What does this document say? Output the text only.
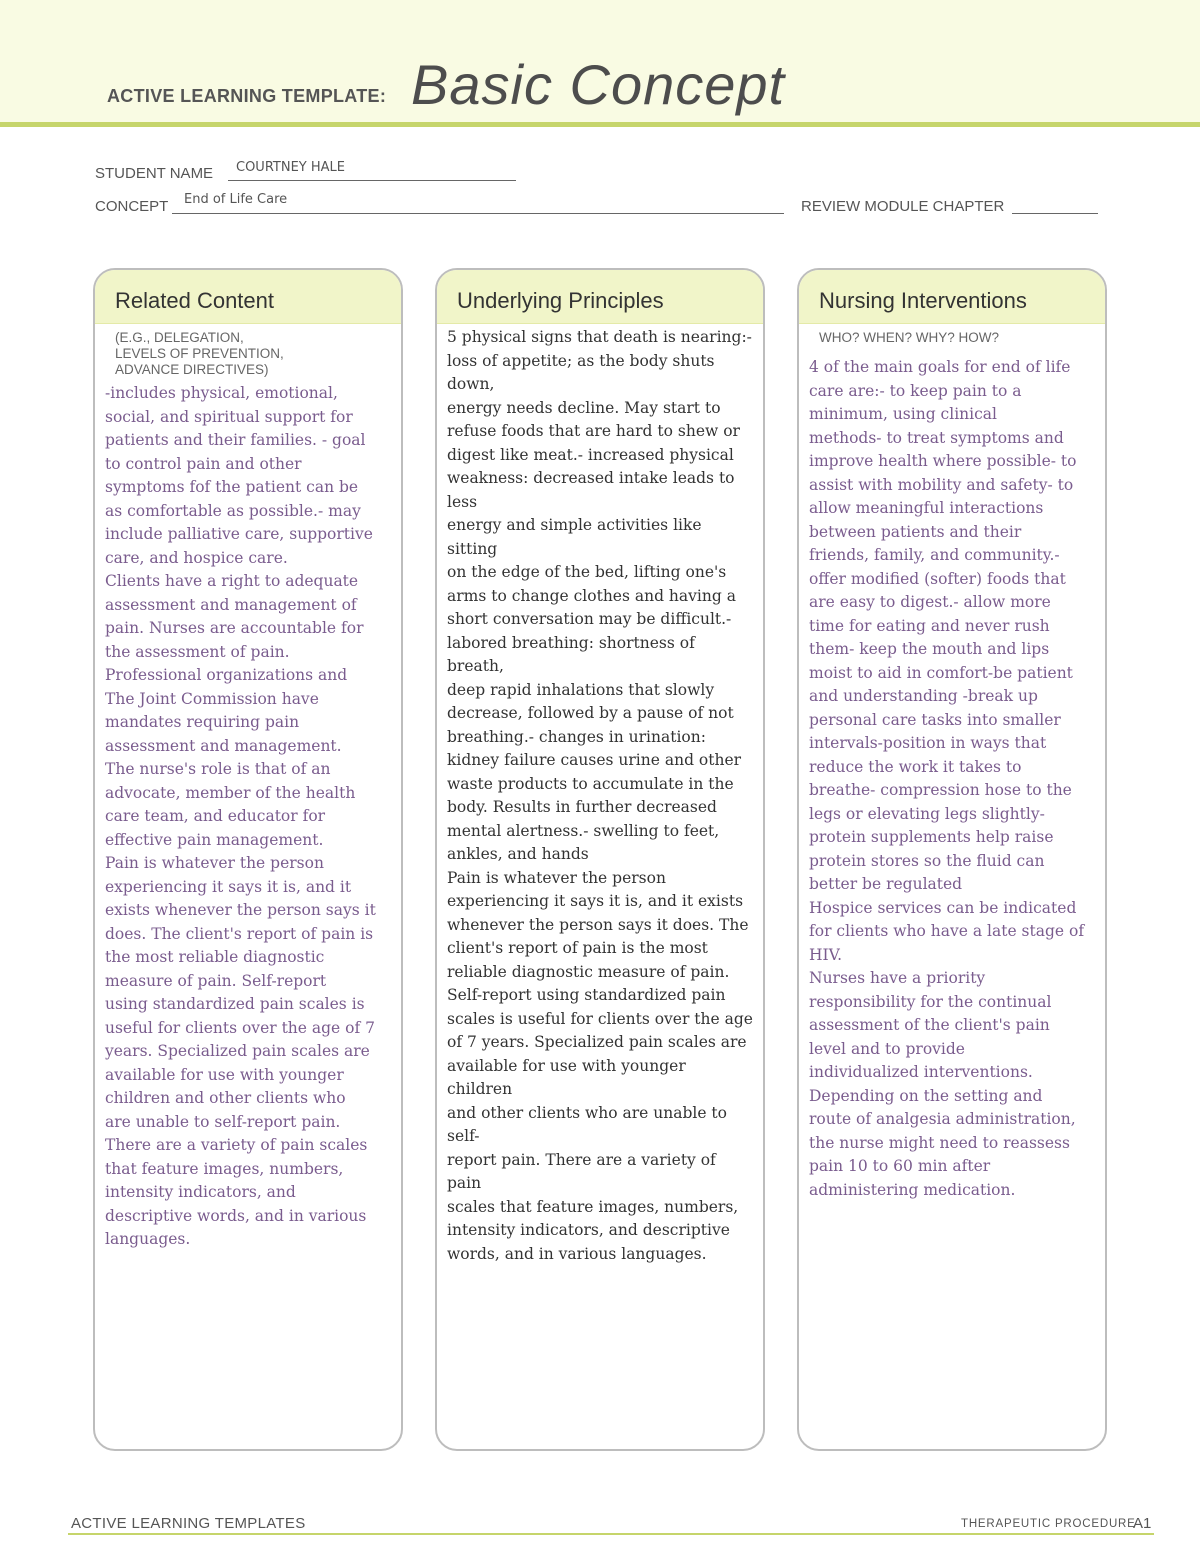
ACTIVE LEARNING TEMPLATE: Basic Concept
STUDENT NAME COURTNEY HALE
CONCEPT End of Life Care	REVIEW MODULE CHAPTER
Related Content
(E.G., DELEGATION,
LEVELS OF PREVENTION,
ADVANCE DIRECTIVES)
-includes physical, emotional,
social, and spiritual support for
patients and their families. - goal
to control pain and other
symptoms fof the patient can be
as comfortable as possible.- may
include palliative care, supportive
care, and hospice care.
Clients have a right to adequate
assessment and management of
pain. Nurses are accountable for
the assessment of pain.
Professional organizations and
The Joint Commission have
mandates requiring pain
assessment and management.
The nurse's role is that of an
advocate, member of the health
care team, and educator for
effective pain management.
Pain is whatever the person
experiencing it says it is, and it
exists whenever the person says it
does. The client's report of pain is
the most reliable diagnostic
measure of pain. Self-report
using standardized pain scales is
useful for clients over the age of 7
years. Specialized pain scales are
available for use with younger
children and other clients who
are unable to self-report pain.
There are a variety of pain scales
that feature images, numbers,
intensity indicators, and
descriptive words, and in various
languages.
Underlying Principles
5 physical signs that death is nearing:-
loss of appetite; as the body shuts down,
energy needs decline. May start to
refuse foods that are hard to shew or
digest like meat.- increased physical
weakness: decreased intake leads to less
energy and simple activities like sitting
on the edge of the bed, lifting one's
arms to change clothes and having a
short conversation may be difficult.-
labored breathing: shortness of breath,
deep rapid inhalations that slowly
decrease, followed by a pause of not
breathing.- changes in urination:
kidney failure causes urine and other
waste products to accumulate in the
body. Results in further decreased
mental alertness.- swelling to feet,
ankles, and hands
Pain is whatever the person
experiencing it says it is, and it exists
whenever the person says it does. The
client's report of pain is the most
reliable diagnostic measure of pain.
Self-report using standardized pain
scales is useful for clients over the age
of 7 years. Specialized pain scales are
available for use with younger children
and other clients who are unable to self-
report pain. There are a variety of pain
scales that feature images, numbers,
intensity indicators, and descriptive
words, and in various languages.
Nursing Interventions
WHO? WHEN? WHY? HOW?
4 of the main goals for end of life
care are:- to keep pain to a
minimum, using clinical
methods- to treat symptoms and
improve health where possible- to
assist with mobility and safety- to
allow meaningful interactions
between patients and their
friends, family, and community.-
offer modified (softer) foods that
are easy to digest.- allow more
time for eating and never rush
them- keep the mouth and lips
moist to aid in comfort-be patient
and understanding -break up
personal care tasks into smaller
intervals-position in ways that
reduce the work it takes to
breathe- compression hose to the
legs or elevating legs slightly-
protein supplements help raise
protein stores so the fluid can
better be regulated
Hospice services can be indicated
for clients who have a late stage of
HIV.
Nurses have a priority
responsibility for the continual
assessment of the client's pain
level and to provide
individualized interventions.
Depending on the setting and
route of analgesia administration,
the nurse might need to reassess
pain 10 to 60 min after
administering medication.
ACTIVE LEARNING TEMPLATES	THERAPEUTIC PROCEDURE
A1
